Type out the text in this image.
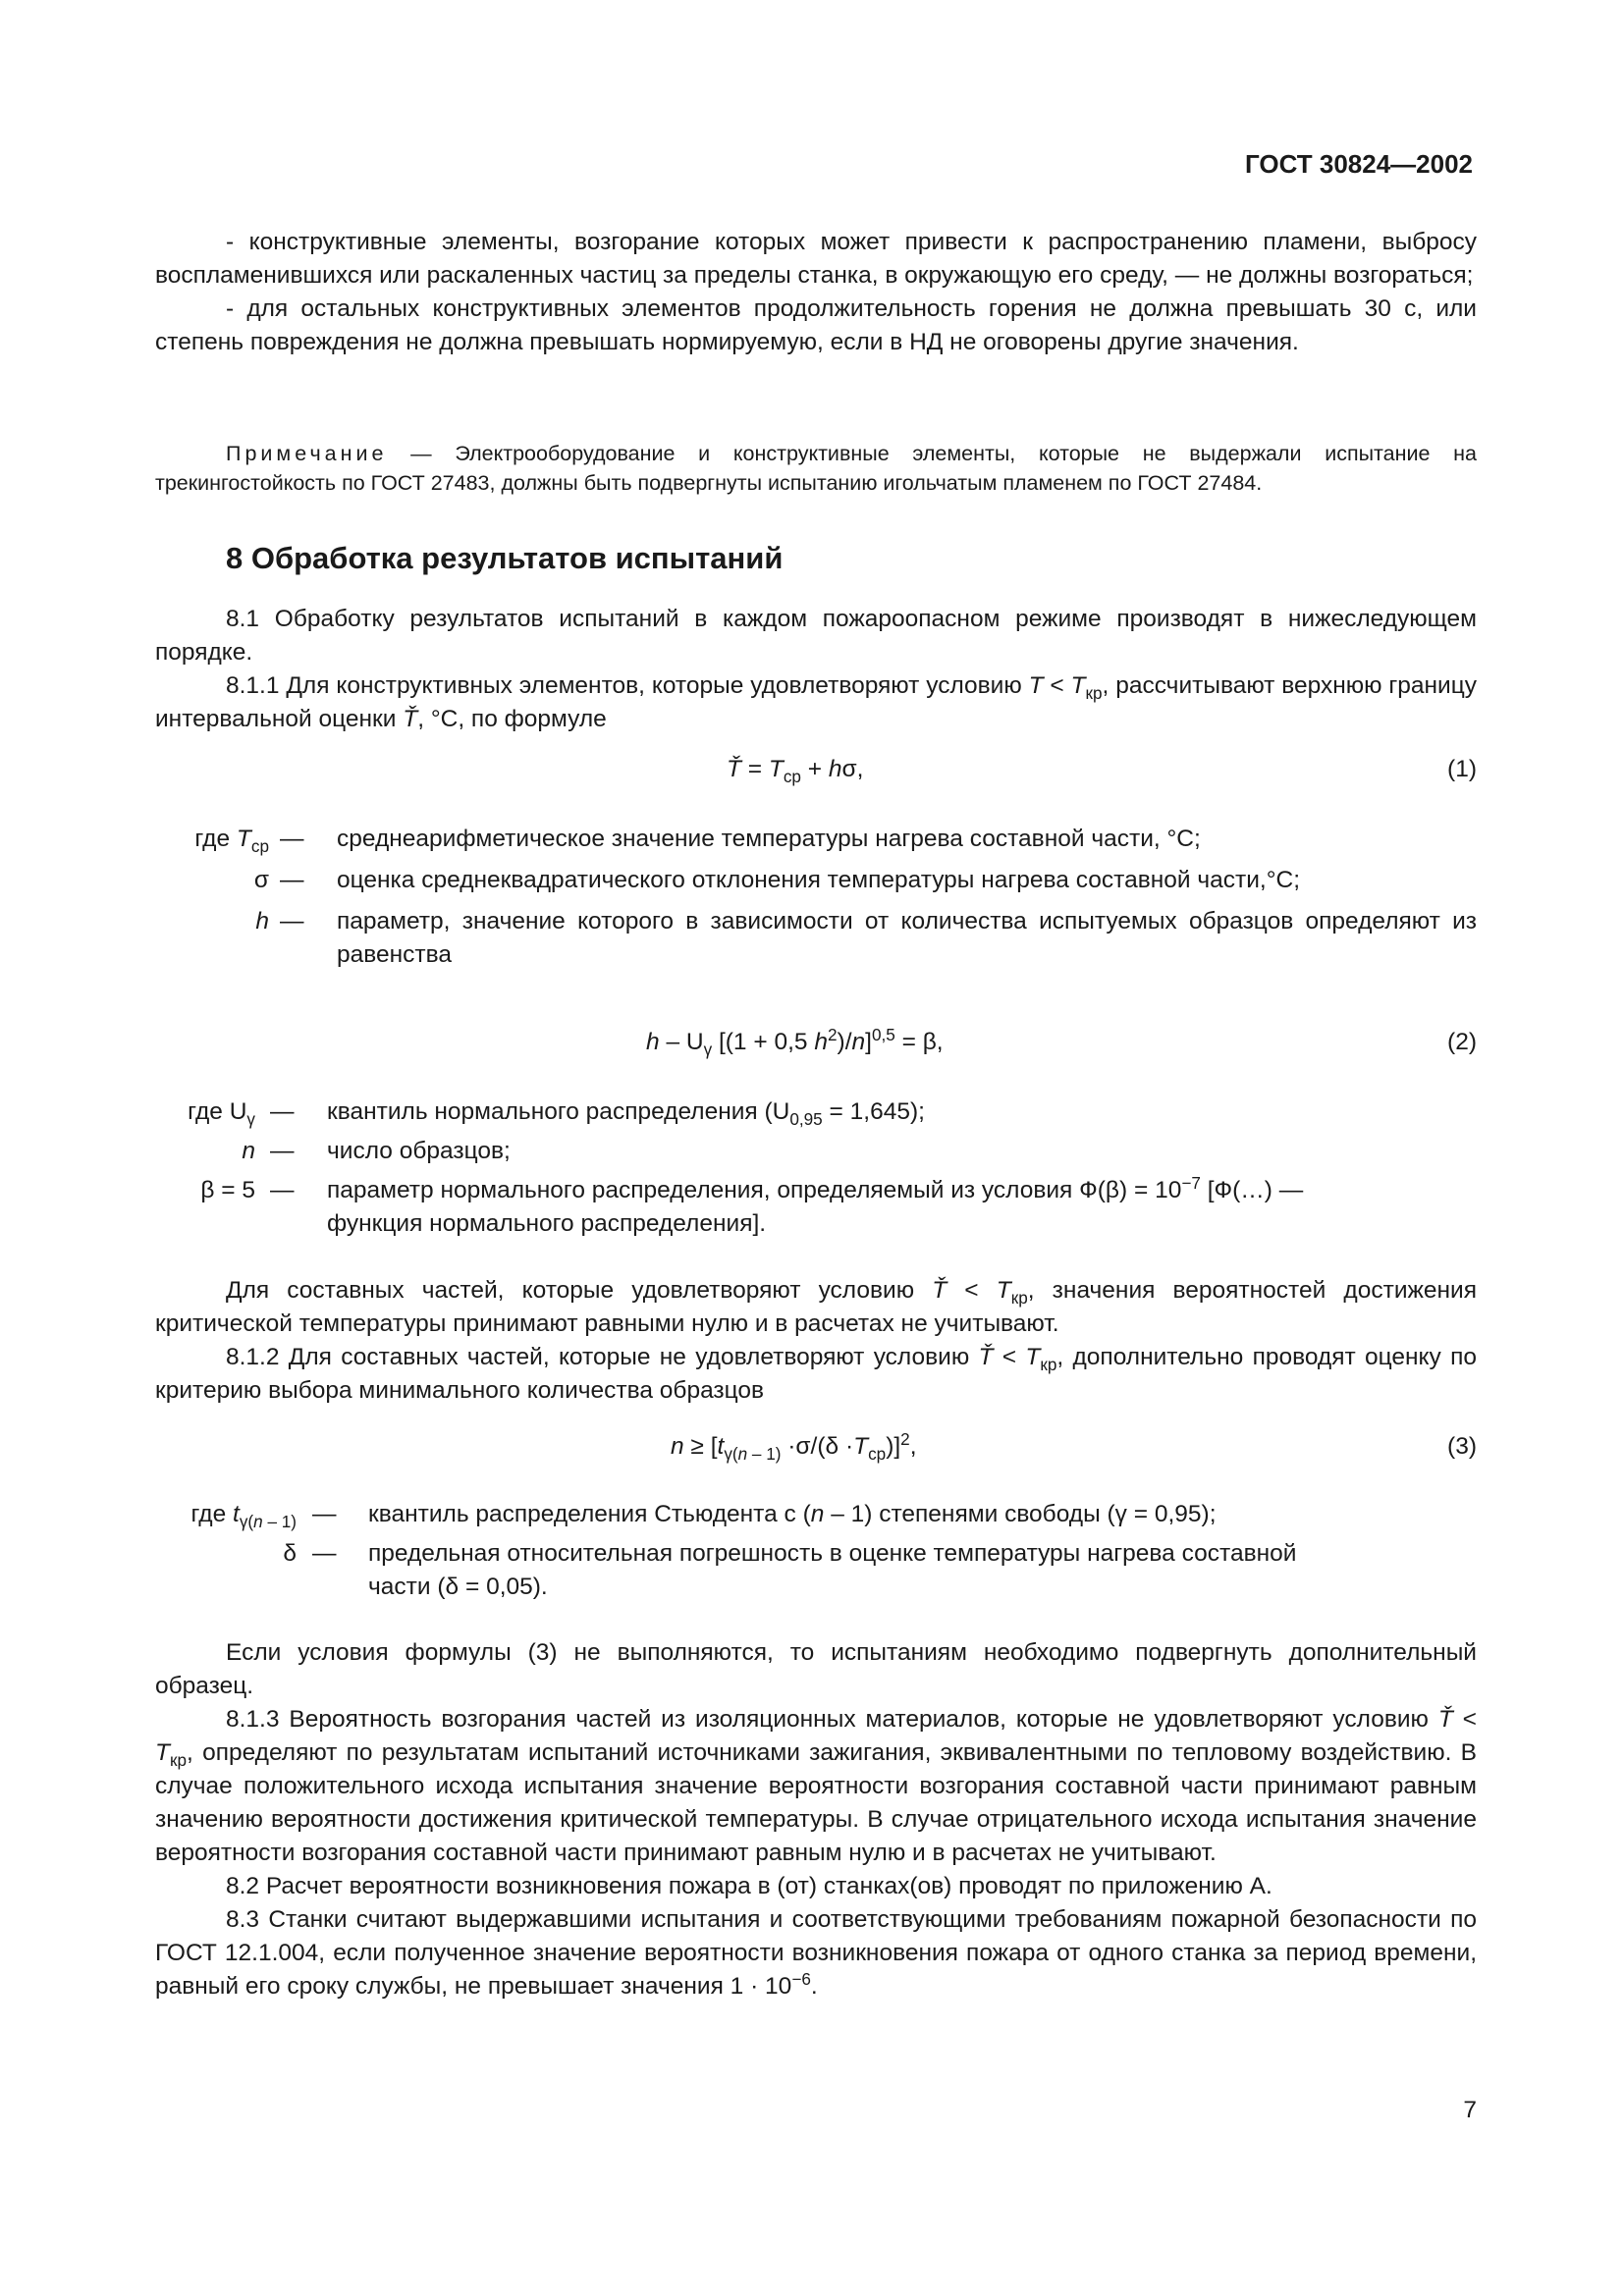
ГОСТ 30824—2002

- конструктивные элементы, возгорание которых может привести к распространению пламени, выбросу воспламенившихся или раскаленных частиц за пределы станка, в окружающую его среду, — не должны возгораться;

- для остальных конструктивных элементов продолжительность горения не должна превышать 30 с, или степень повреждения не должна превышать нормируемую, если в НД не оговорены другие значения.

Примечание — Электрооборудование и конструктивные элементы, которые не выдержали испытание на трекингостойкость по ГОСТ 27483, должны быть подвергнуты испытанию игольчатым пламенем по ГОСТ 27484.

8 Обработка результатов испытаний

8.1 Обработку результатов испытаний в каждом пожароопасном режиме производят в нижеследующем порядке.

8.1.1 Для конструктивных элементов, которые удовлетворяют условию $T < T_{кр}$, рассчитывают верхнюю границу интервальной оценки Ť, °С, по формуле

Ť = $T_{ср} + h\sigma$,	(1)
где $T_{ср}$ — среднеарифметическое значение температуры нагрева составной части, °С;
σ — оценка среднеквадратического отклонения температуры нагрева составной части,°С;
h — параметр, значение которого в зависимости от количества испытуемых образцов определяют из равенства
h – $U_\gamma$ [(1 + 0,5 $h^2)/n]^{0,5} = \beta$,	(2)
где $U_\gamma$ — квантиль нормального распределения $(U_{0,95} = 1,645)$;
n — число образцов;
β = 5 — параметр нормального распределения, определяемый из условия $Ф(\beta) = 10^{-7}$ [Ф(…) —
функция нормального распределения].

Для составных частей, которые удовлетворяют условию Ť < $T_{кр}$, значения вероятностей достижения критической температуры принимают равными нулю и в расчетах не учитывают.

8.1.2 Для составных частей, которые не удовлетворяют условию Ť < $T_{кр}$, дополнительно проводят оценку по критерию выбора минимального количества образцов

$n \ge [t_{\gamma(n - 1)} \cdot\sigma/(\delta \cdot T_{ср})]^2$,	(3)
где $t_{\gamma(n - 1)}$ — квантиль распределения Стьюдента с (n – 1) степенями свободы (γ = 0,95);
δ — предельная относительная погрешность в оценке температуры нагрева составной
части (δ = 0,05).

Если условия формулы (3) не выполняются, то испытаниям необходимо подвергнуть дополнительный образец.

8.1.3 Вероятность возгорания частей из изоляционных материалов, которые не удовлетворяют условию Ť < $T_{кр}$, определяют по результатам испытаний источниками зажигания, эквивалентными по тепловому воздействию. В случае положительного исхода испытания значение вероятности возгорания составной части принимают равным значению вероятности достижения критической температуры. В случае отрицательного исхода испытания значение вероятности возгорания составной части принимают равным нулю и в расчетах не учитывают.

8.2 Расчет вероятности возникновения пожара в (от) станках(ов) проводят по приложению А.

8.3 Станки считают выдержавшими испытания и соответствующими требованиям пожарной безопасности по ГОСТ 12.1.004, если полученное значение вероятности возникновения пожара от одного станка за период времени, равный его сроку службы, не превышает значения $1 \cdot 10^{-6}$.

7
